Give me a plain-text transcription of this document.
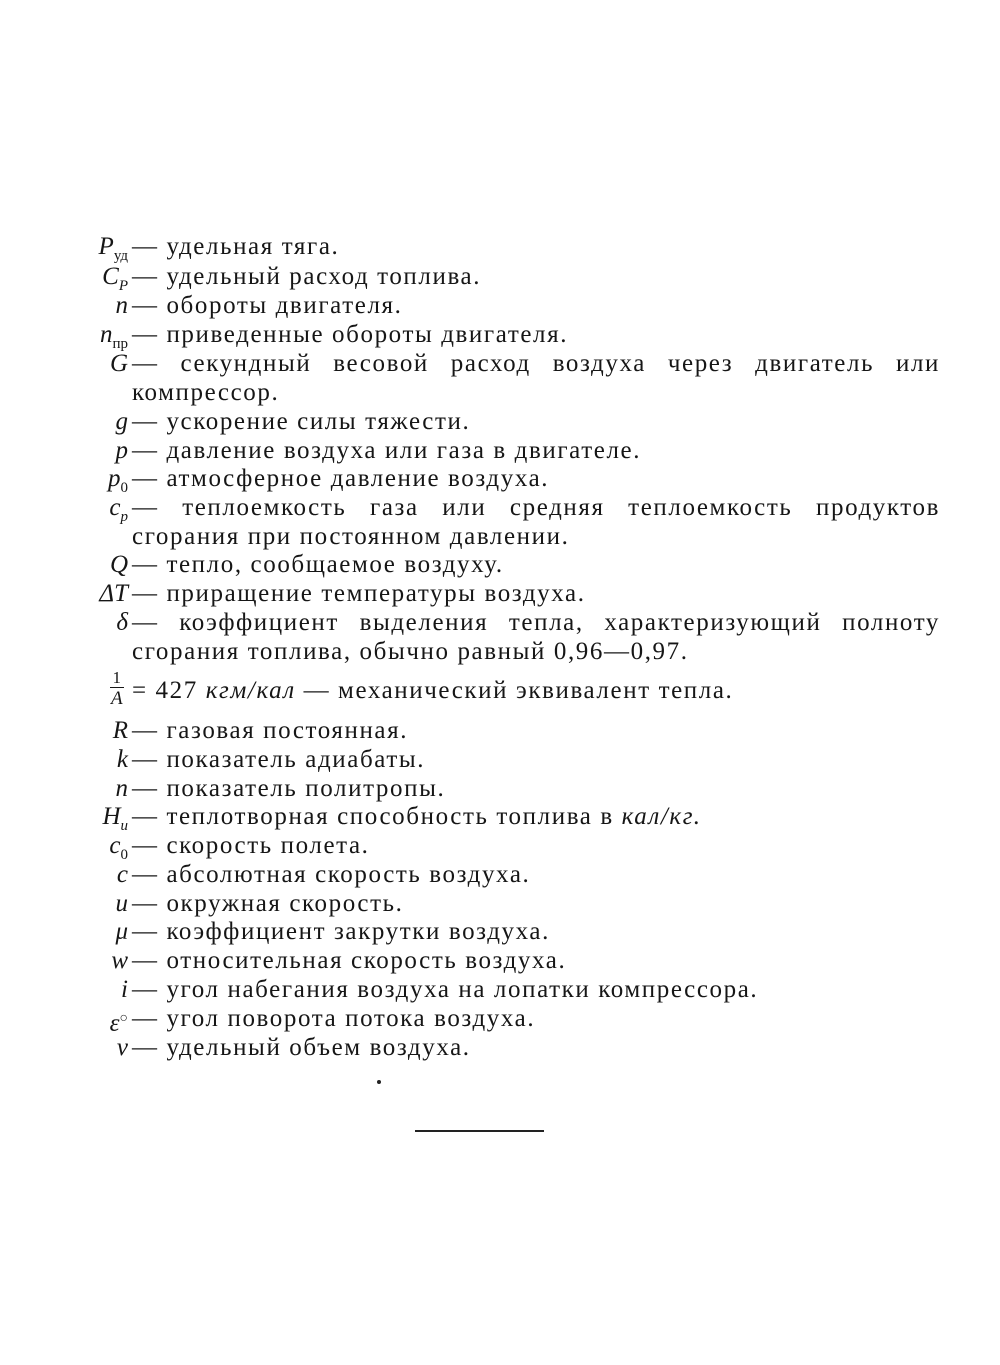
$P_{уд}$ — удельная тяга.
$C_P$ — удельный расход топлива.
n — обороты двигателя.
$n_{пр}$ — приведенные обороты двигателя.
G — секундный весовой расход воздуха через двигатель или компрессор.
g — ускорение силы тяжести.
p — давление воздуха или газа в двигателе.
$p_0$ — атмосферное давление воздуха.
$c_p$ — теплоемкость газа или средняя теплоемкость продуктов сгорания при постоянном давлении.
Q — тепло, сообщаемое воздуху.
ΔT — приращение температуры воздуха.
δ — коэффициент выделения тепла, характеризующий полноту сгорания топлива, обычно равный 0,96—0,97.
$\frac{1}{A} = 427$ кгм/кал — механический эквивалент тепла.
R — газовая постоянная.
k — показатель адиабаты.
n — показатель политропы.
$H_u$ — теплотворная способность топлива в кал/кг.
$c_0$ — скорость полета.
c — абсолютная скорость воздуха.
u — окружная скорость.
μ — коэффициент закрутки воздуха.
w — относительная скорость воздуха.
i — угол набегания воздуха на лопатки компрессора.
ε○ — угол поворота потока воздуха.
v — удельный объем воздуха.
